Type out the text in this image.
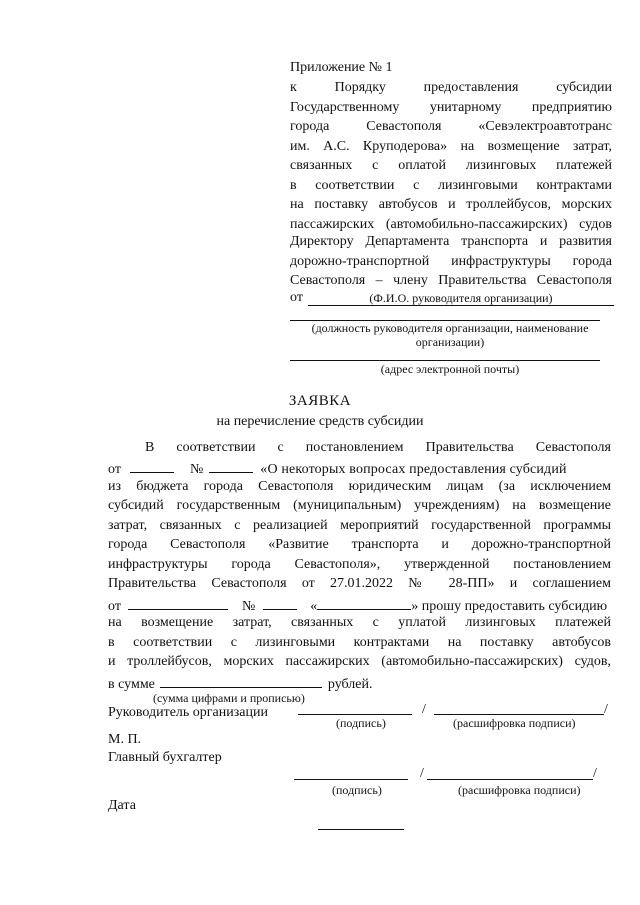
Приложение № 1
к Порядку предоставления субсидии
Государственному унитарному предприятию
города Севастополя «Севэлектроавтотранс
им. А.С. Круподерова» на возмещение затрат,
связанных с оплатой лизинговых платежей
в соответствии с лизинговыми контрактами
на поставку автобусов и троллейбусов, морских
пассажирских (автомобильно-пассажирских) судов
Директору Департамента транспорта и развития
дорожно-транспортной инфраструктуры города
Севастополя – члену Правительства Севастополя
от	(Ф.И.О. руководителя организации)
(должность руководителя организации, наименование
организации)
(адрес электронной почты)
ЗАЯВКА
на перечисление средств субсидии
В соответствии с постановлением Правительства Севастополя
от	№	«О некоторых вопросах предоставления субсидий
из бюджета города Севастополя юридическим лицам (за исключением
субсидий государственным (муниципальным) учреждениям) на возмещение
затрат, связанных с реализацией мероприятий государственной программы
города Севастополя «Развитие транспорта и дорожно-транспортной
инфраструктуры города Севастополя», утвержденной постановлением
Правительства Севастополя от 27.01.2022 № 28-ПП» и соглашением
от	№	«	» прошу предоставить субсидию
на возмещение затрат, связанных с уплатой лизинговых платежей
в соответствии с лизинговыми контрактами на поставку автобусов
и троллейбусов, морских пассажирских (автомобильно-пассажирских) судов,
в сумме	рублей.
(сумма цифрами и прописью)
Руководитель организации	/	/
(подпись)	(расшифровка подписи)
М. П.
Главный бухгалтер
/	/
(подпись)	(расшифровка подписи)
Дата
